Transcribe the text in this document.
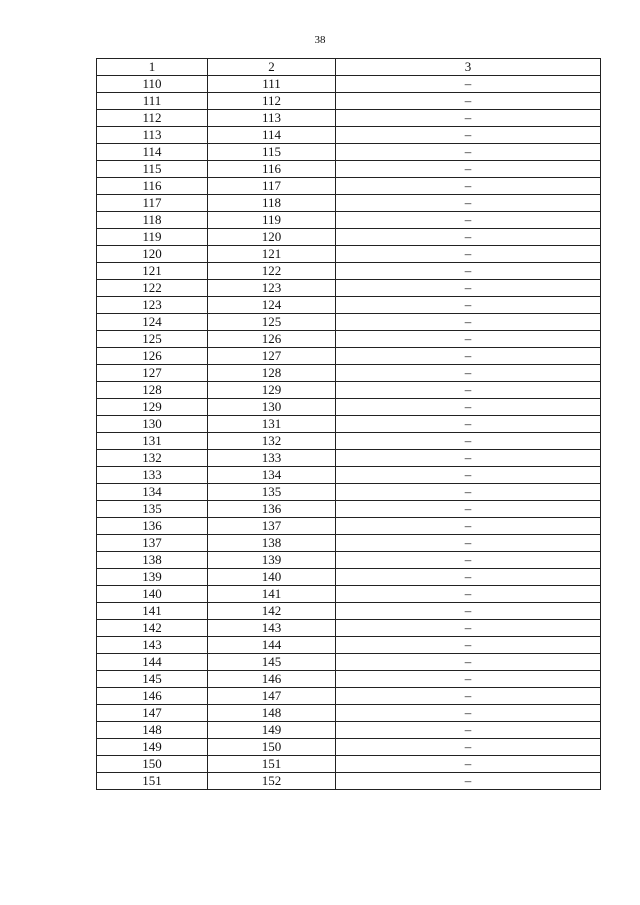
38
1	2	3
110	111	–
111	112	–
112	113	–
113	114	–
114	115	–
115	116	–
116	117	–
117	118	–
118	119	–
119	120	–
120	121	–
121	122	–
122	123	–
123	124	–
124	125	–
125	126	–
126	127	–
127	128	–
128	129	–
129	130	–
130	131	–
131	132	–
132	133	–
133	134	–
134	135	–
135	136	–
136	137	–
137	138	–
138	139	–
139	140	–
140	141	–
141	142	–
142	143	–
143	144	–
144	145	–
145	146	–
146	147	–
147	148	–
148	149	–
149	150	–
150	151	–
151	152	–
